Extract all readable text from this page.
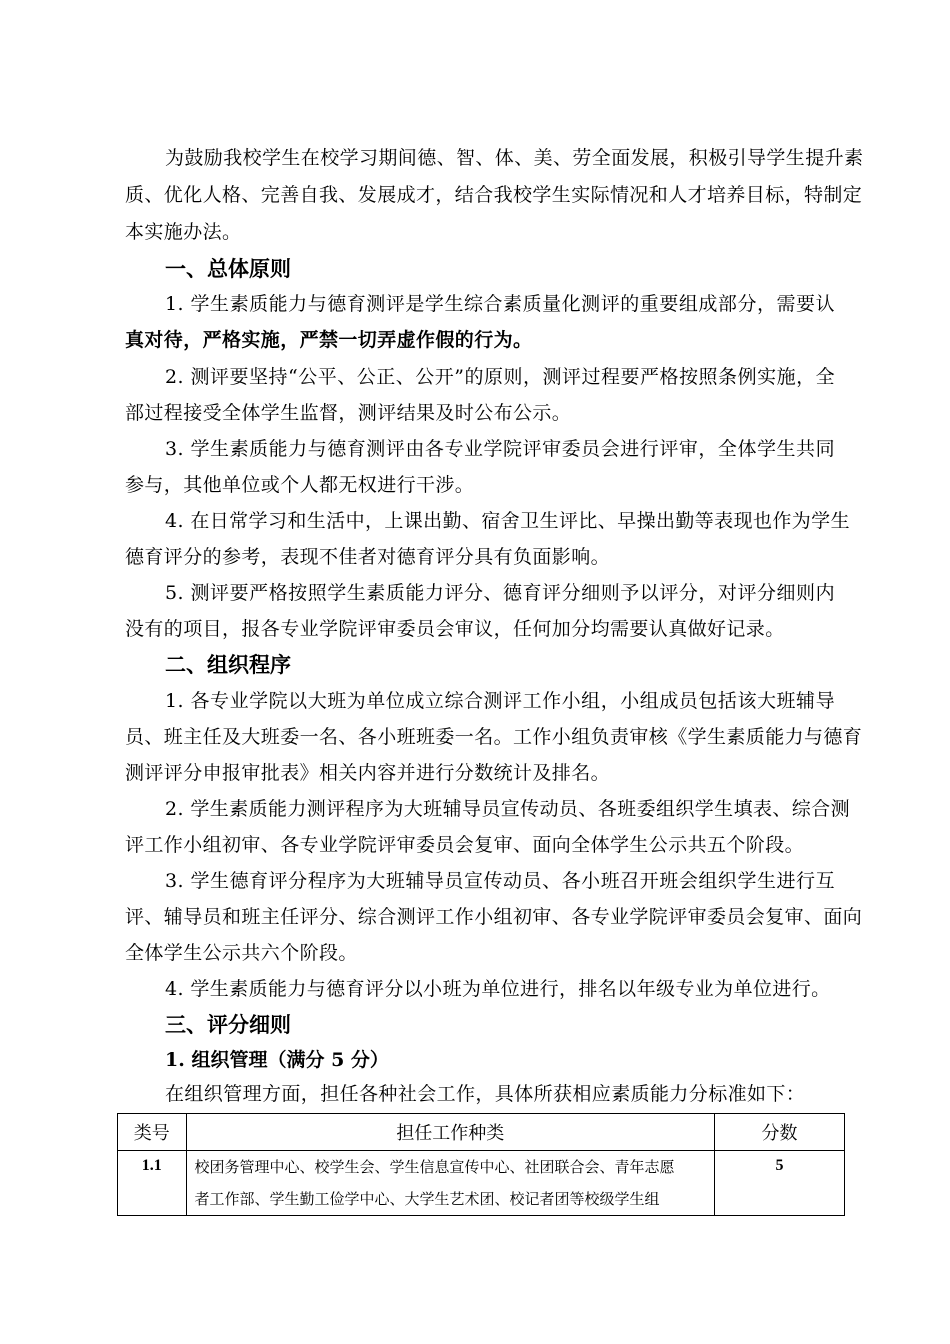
为鼓励我校学生在校学习期间德、智、体、美、劳全面发展，积极引导学生提升素
质、优化人格、完善自我、发展成才，结合我校学生实际情况和人才培养目标，特制定
本实施办法。
一、总体原则
1. 学生素质能力与德育测评是学生综合素质量化测评的重要组成部分，需要认
真对待，严格实施，严禁一切弄虚作假的行为。
2. 测评要坚持“公平、公正、公开”的原则，测评过程要严格按照条例实施，全
部过程接受全体学生监督，测评结果及时公布公示。
3. 学生素质能力与德育测评由各专业学院评审委员会进行评审，全体学生共同
参与，其他单位或个人都无权进行干涉。
4. 在日常学习和生活中，上课出勤、宿舍卫生评比、早操出勤等表现也作为学生
德育评分的参考，表现不佳者对德育评分具有负面影响。
5. 测评要严格按照学生素质能力评分、德育评分细则予以评分，对评分细则内
没有的项目，报各专业学院评审委员会审议，任何加分均需要认真做好记录。
二、组织程序
1. 各专业学院以大班为单位成立综合测评工作小组，小组成员包括该大班辅导
员、班主任及大班委一名、各小班班委一名。工作小组负责审核《学生素质能力与德育
测评评分申报审批表》相关内容并进行分数统计及排名。
2. 学生素质能力测评程序为大班辅导员宣传动员、各班委组织学生填表、综合测
评工作小组初审、各专业学院评审委员会复审、面向全体学生公示共五个阶段。
3. 学生德育评分程序为大班辅导员宣传动员、各小班召开班会组织学生进行互
评、辅导员和班主任评分、综合测评工作小组初审、各专业学院评审委员会复审、面向
全体学生公示共六个阶段。
4. 学生素质能力与德育评分以小班为单位进行，排名以年级专业为单位进行。
三、评分细则
1. 组织管理（满分 5 分）
在组织管理方面，担任各种社会工作，具体所获相应素质能力分标准如下：
类号	担任工作种类	分数
1.1	校团务管理中心、校学生会、学生信息宣传中心、社团联合会、青年志愿
者工作部、学生勤工俭学中心、大学生艺术团、校记者团等校级学生组	5
